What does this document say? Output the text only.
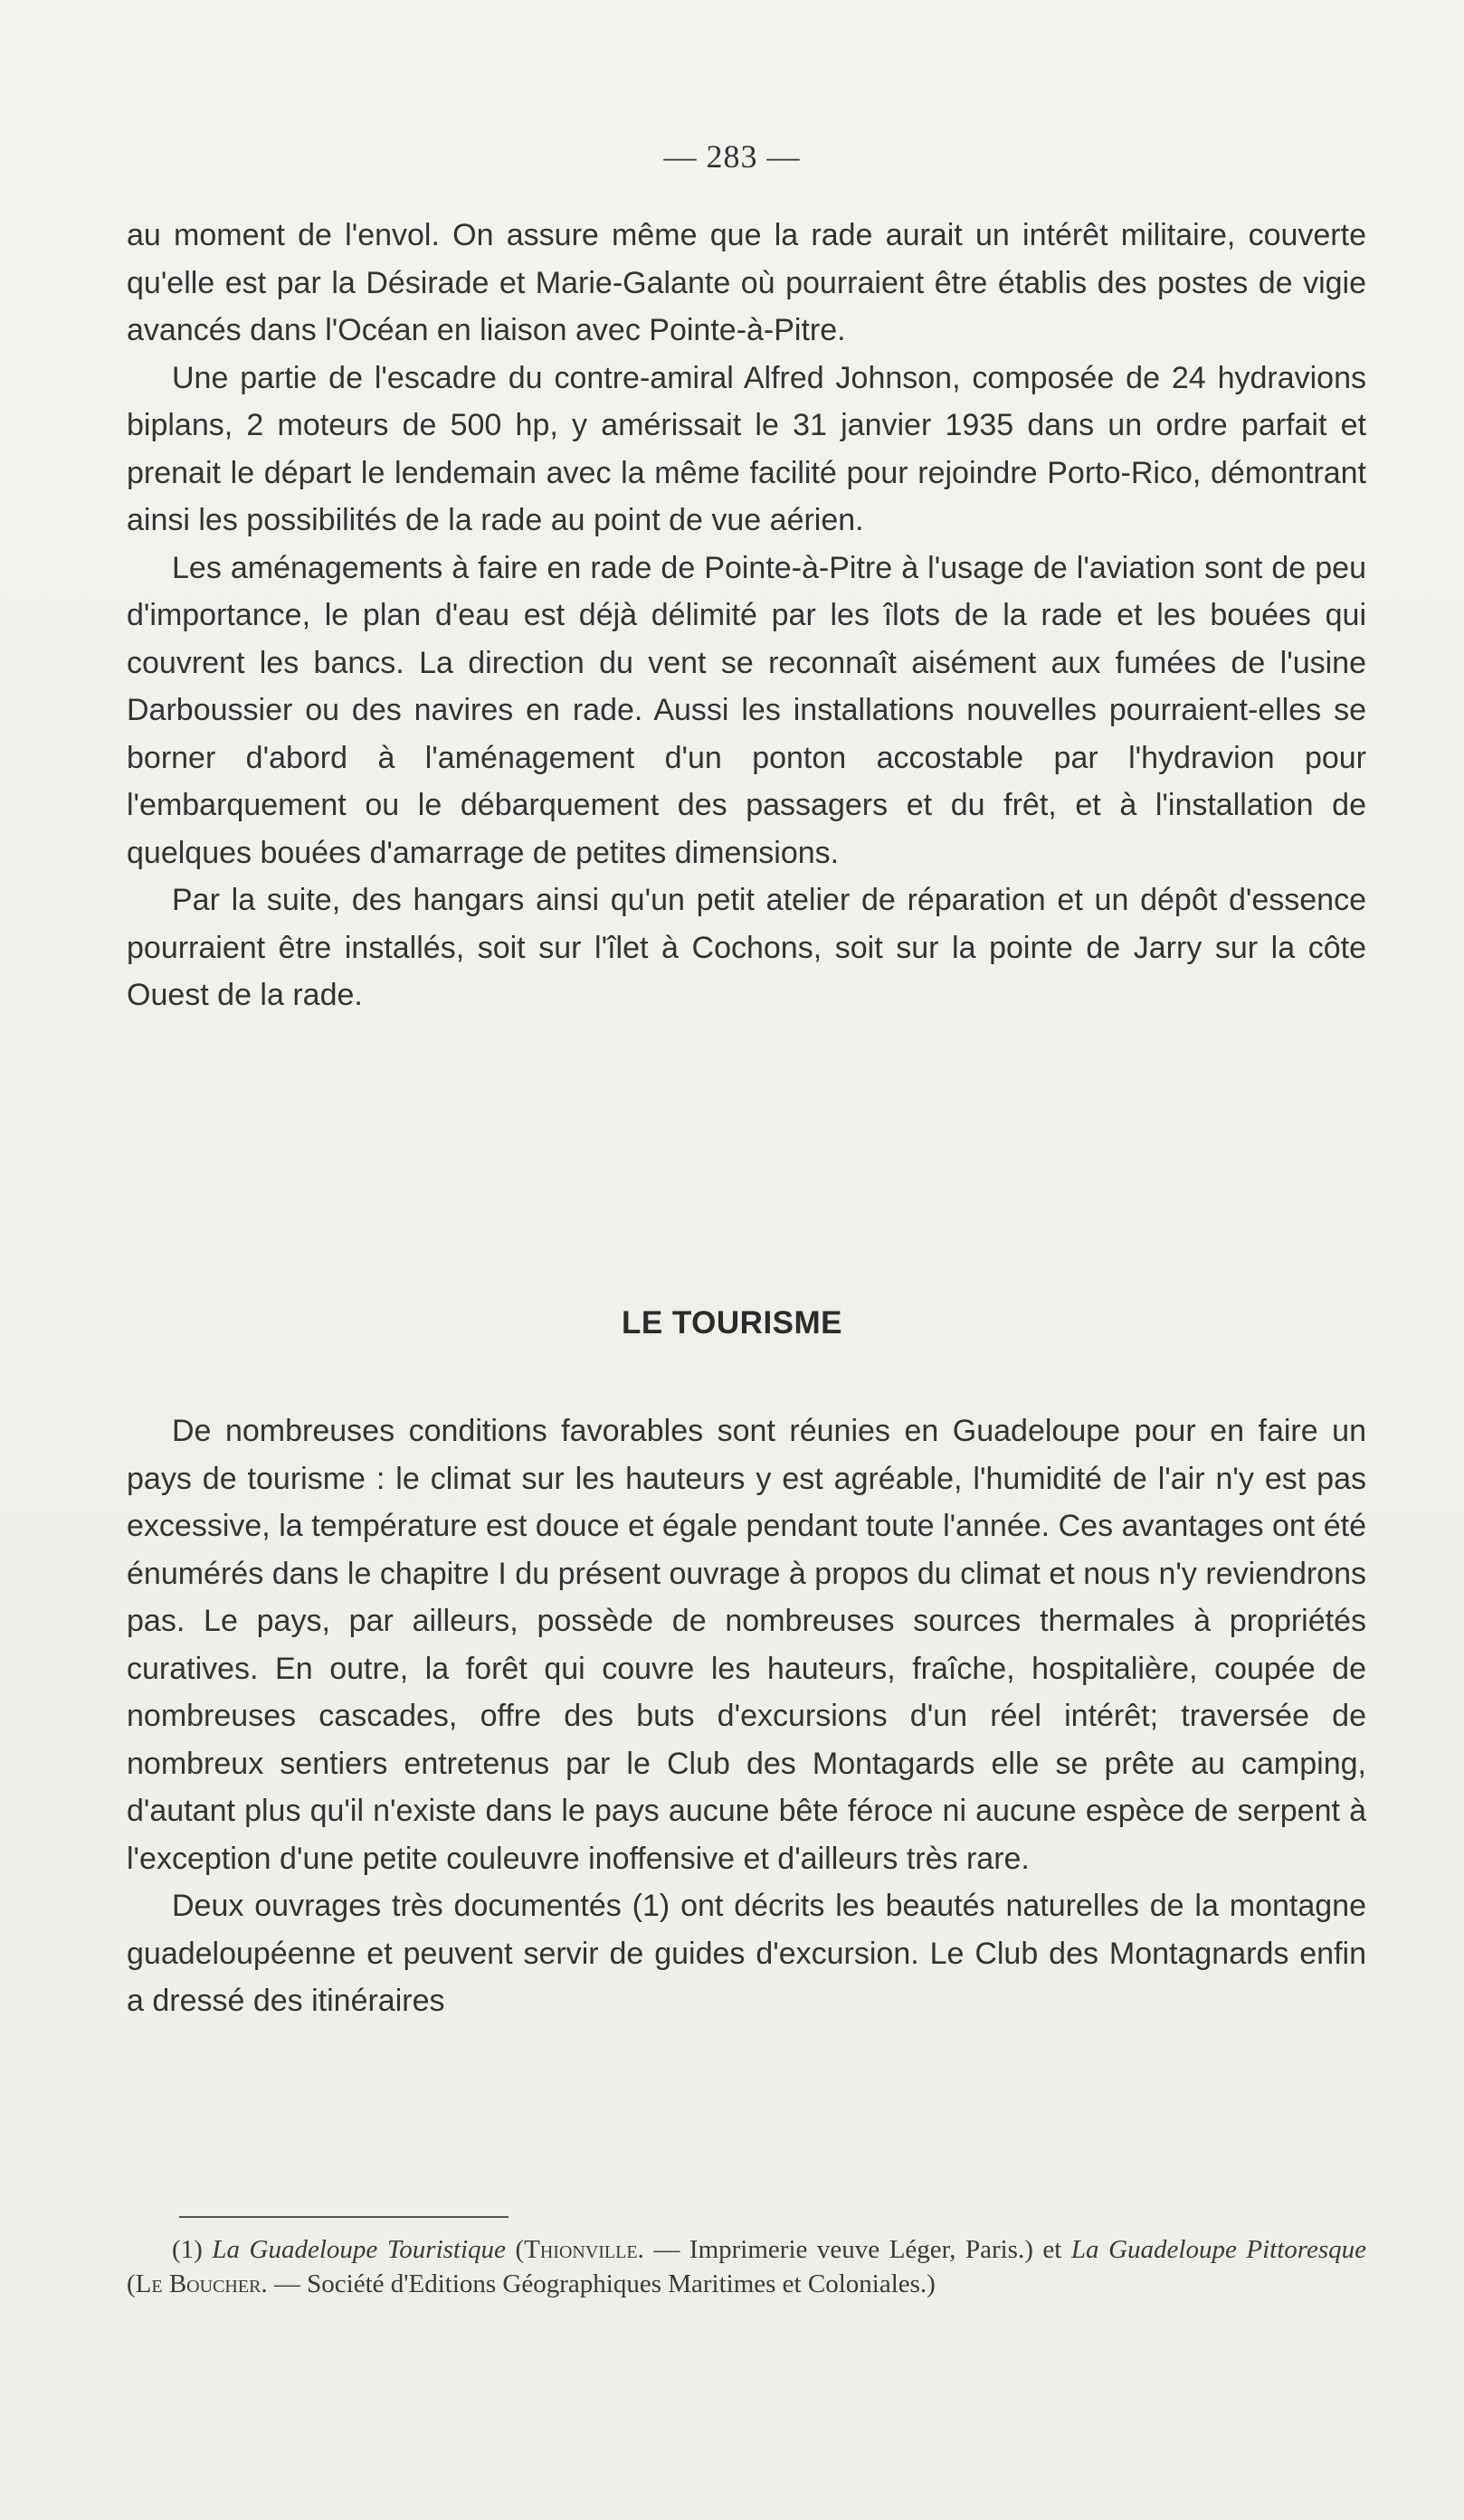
— 283 —

au moment de l'envol. On assure même que la rade aurait un intérêt militaire, couverte qu'elle est par la Désirade et Marie-Galante où pourraient être établis des postes de vigie avancés dans l'Océan en liaison avec Pointe-à-Pitre.

Une partie de l'escadre du contre-amiral Alfred Johnson, composée de 24 hydravions biplans, 2 moteurs de 500 hp, y amérissait le 31 janvier 1935 dans un ordre parfait et prenait le départ le lendemain avec la même facilité pour rejoindre Porto-Rico, démontrant ainsi les possibilités de la rade au point de vue aérien.

Les aménagements à faire en rade de Pointe-à-Pitre à l'usage de l'aviation sont de peu d'importance, le plan d'eau est déjà délimité par les îlots de la rade et les bouées qui couvrent les bancs. La direction du vent se reconnaît aisément aux fumées de l'usine Darboussier ou des navires en rade. Aussi les installations nouvelles pourraient-elles se borner d'abord à l'aménagement d'un ponton accostable par l'hydravion pour l'embarquement ou le débarquement des passagers et du frêt, et à l'installation de quelques bouées d'amarrage de petites dimensions.

Par la suite, des hangars ainsi qu'un petit atelier de réparation et un dépôt d'essence pourraient être installés, soit sur l'îlet à Cochons, soit sur la pointe de Jarry sur la côte Ouest de la rade.

LE TOURISME

De nombreuses conditions favorables sont réunies en Guadeloupe pour en faire un pays de tourisme : le climat sur les hauteurs y est agréable, l'humidité de l'air n'y est pas excessive, la température est douce et égale pendant toute l'année. Ces avantages ont été énumérés dans le chapitre I du présent ouvrage à propos du climat et nous n'y reviendrons pas. Le pays, par ailleurs, possède de nombreuses sources thermales à propriétés curatives. En outre, la forêt qui couvre les hauteurs, fraîche, hospitalière, coupée de nombreuses cascades, offre des buts d'excursions d'un réel intérêt; traversée de nombreux sentiers entretenus par le Club des Montagards elle se prête au camping, d'autant plus qu'il n'existe dans le pays aucune bête féroce ni aucune espèce de serpent à l'exception d'une petite couleuvre inoffensive et d'ailleurs très rare.

Deux ouvrages très documentés (1) ont décrits les beautés naturelles de la montagne guadeloupéenne et peuvent servir de guides d'excursion. Le Club des Montagnards enfin a dressé des itinéraires

(1) La Guadeloupe Touristique (Thionville. — Imprimerie veuve Léger, Paris.) et La Guadeloupe Pittoresque (Le Boucher. — Société d'Editions Géographiques Maritimes et Coloniales.)
